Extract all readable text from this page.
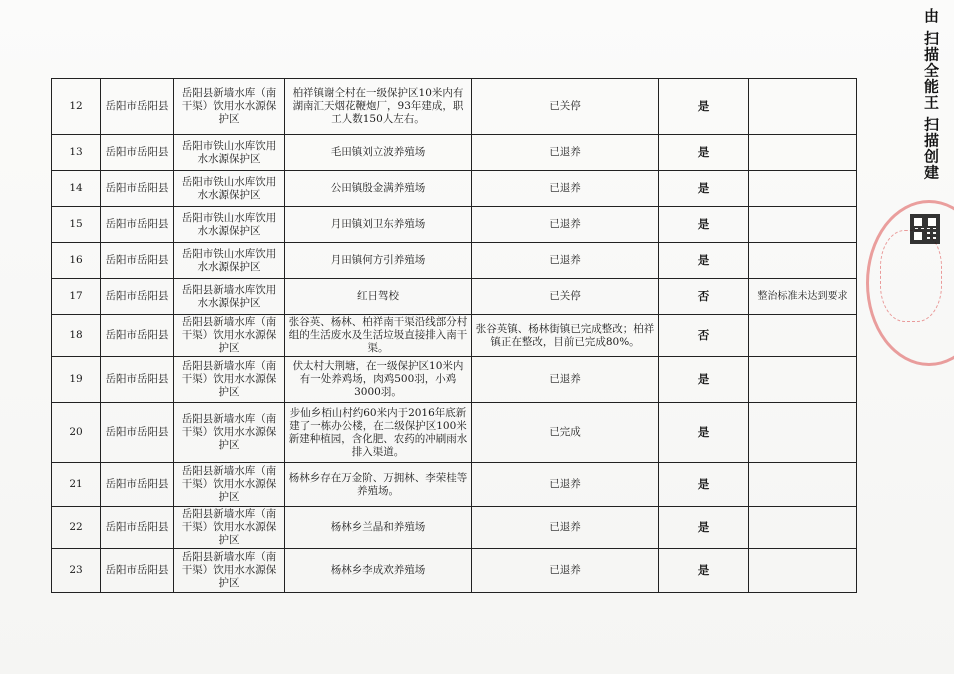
12	岳阳市岳阳县	岳阳县新墙水库（南干渠）饮用水水源保护区	柏祥镇谢仝村在一级保护区10米内有湖南汇天烟花鞭炮厂，93年建成，职工人数150人左右。	已关停	是	
13	岳阳市岳阳县	岳阳市铁山水库饮用水水源保护区	毛田镇刘立波养殖场	已退养	是	
14	岳阳市岳阳县	岳阳市铁山水库饮用水水源保护区	公田镇殷金满养殖场	已退养	是	
15	岳阳市岳阳县	岳阳市铁山水库饮用水水源保护区	月田镇刘卫东养殖场	已退养	是	
16	岳阳市岳阳县	岳阳市铁山水库饮用水水源保护区	月田镇何方引养殖场	已退养	是	
17	岳阳市岳阳县	岳阳县新墙水库饮用水水源保护区	红日驾校	已关停	否	整治标准未达到要求
18	岳阳市岳阳县	岳阳县新墙水库（南干渠）饮用水水源保护区	张谷英、杨林、柏祥南干渠沿线部分村组的生活废水及生活垃圾直接排入南干渠。	张谷英镇、杨林街镇已完成整改；柏祥镇正在整改，目前已完成80%。	否	
19	岳阳市岳阳县	岳阳县新墙水库（南干渠）饮用水水源保护区	伏太村大荆塘，在一级保护区10米内有一处养鸡场，肉鸡500羽，小鸡3000羽。	已退养	是	
20	岳阳市岳阳县	岳阳县新墙水库（南干渠）饮用水水源保护区	步仙乡栢山村约60米内于2016年底新建了一栋办公楼，在二级保护区100米新建种植园，含化肥、农药的冲刷雨水排入渠道。	已完成	是	
21	岳阳市岳阳县	岳阳县新墙水库（南干渠）饮用水水源保护区	杨林乡存在万金阶、万拥林、李荣桂等养殖场。	已退养	是	
22	岳阳市岳阳县	岳阳县新墙水库（南干渠）饮用水水源保护区	杨林乡兰晶和养殖场	已退养	是	
23	岳阳市岳阳县	岳阳县新墙水库（南干渠）饮用水水源保护区	杨林乡李成欢养殖场	已退养	是	
由 扫描全能王 扫描创建
